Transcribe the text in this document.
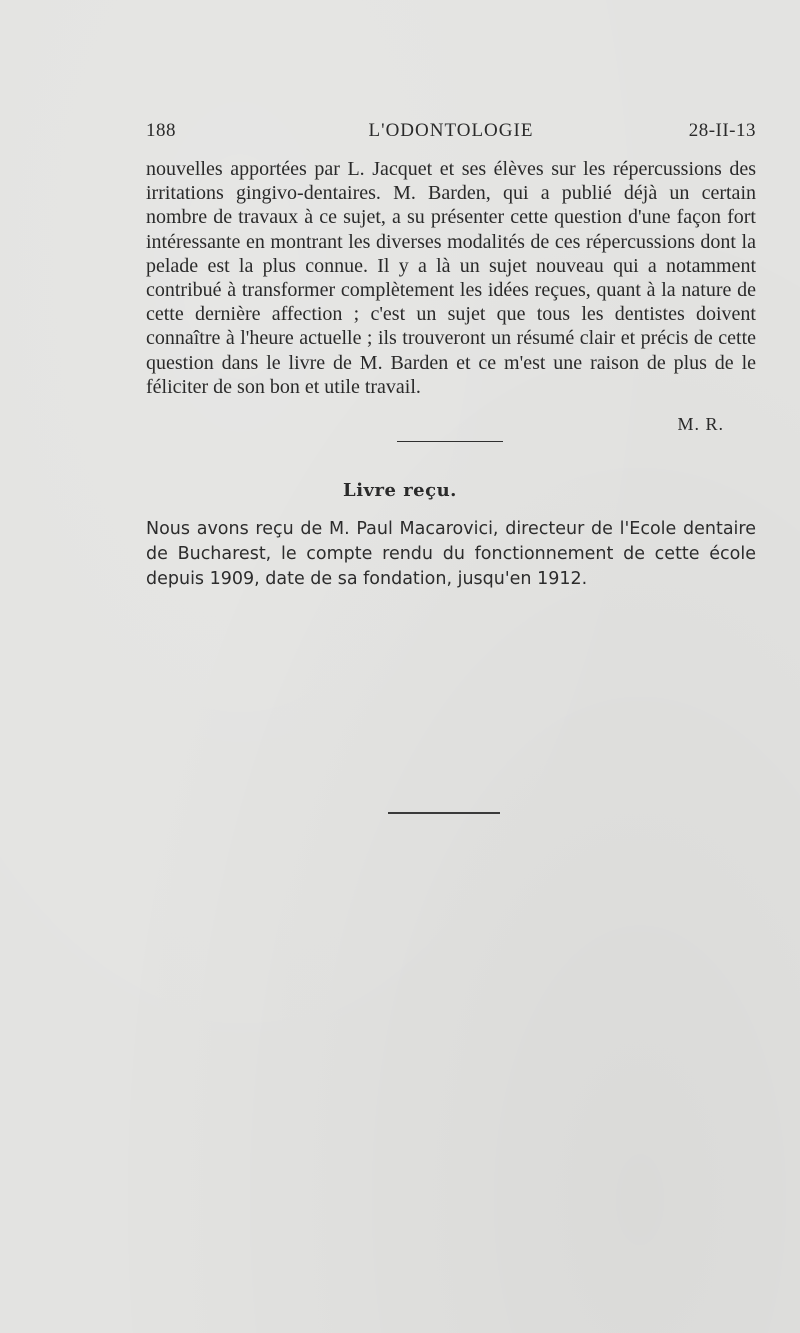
188	L'ODONTOLOGIE	28-II-13

nouvelles apportées par L. Jacquet et ses élèves sur les répercussions des irritations gingivo-dentaires. M. Barden, qui a publié déjà un certain nombre de travaux à ce sujet, a su présenter cette question d'une façon fort intéressante en montrant les diverses modalités de ces répercussions dont la pelade est la plus connue. Il y a là un sujet nouveau qui a notamment contribué à transformer complètement les idées reçues, quant à la nature de cette dernière affection ; c'est un sujet que tous les dentistes doivent connaître à l'heure actuelle ; ils trouveront un résumé clair et précis de cette question dans le livre de M. Barden et ce m'est une raison de plus de le féliciter de son bon et utile travail.

M. R.
Livre reçu.
Nous avons reçu de M. Paul Macarovici, directeur de l'Ecole dentaire de Bucharest, le compte rendu du fonctionnement de cette école depuis 1909, date de sa fondation, jusqu'en 1912.
